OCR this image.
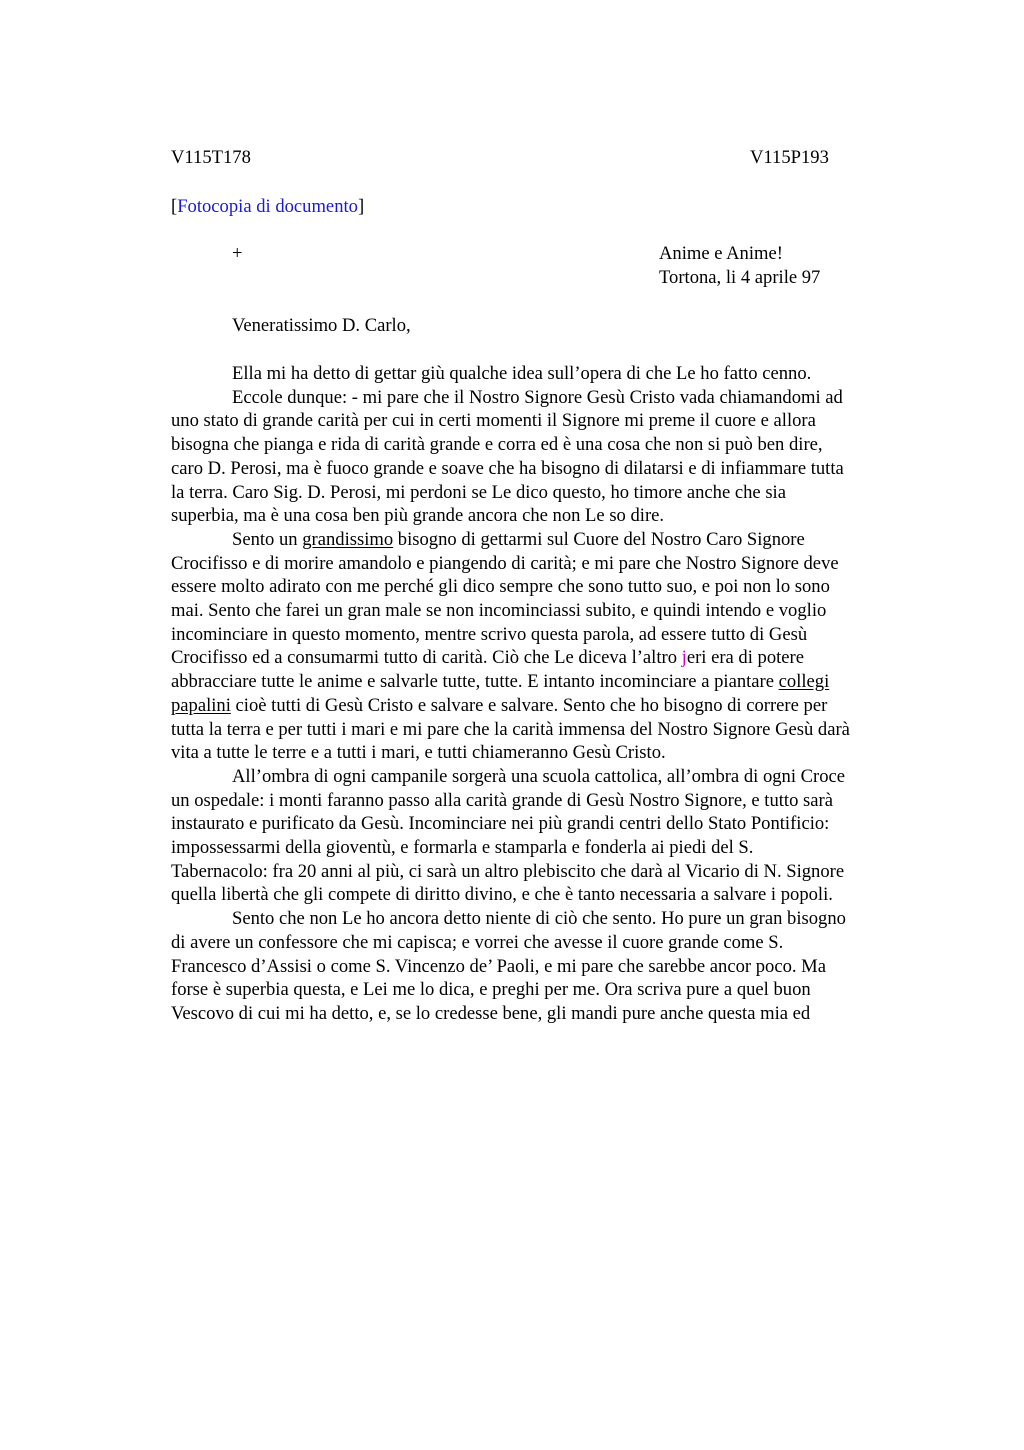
V115T178	V115P193
[Fotocopia di documento]
+	Anime e Anime!
Tortona, li 4 aprile 97
Veneratissimo D. Carlo,
Ella mi ha detto di gettar giù qualche idea sull’opera di che Le ho fatto cenno.
Eccole dunque: - mi pare che il Nostro Signore Gesù Cristo vada chiamandomi ad
uno stato di grande carità per cui in certi momenti il Signore mi preme il cuore e allora
bisogna che pianga e rida di carità grande e corra ed è una cosa che non si può ben dire,
caro D. Perosi, ma è fuoco grande e soave che ha bisogno di dilatarsi e di infiammare tutta
la terra. Caro Sig. D. Perosi, mi perdoni se Le dico questo, ho timore anche che sia
superbia, ma è una cosa ben più grande ancora che non Le so dire.
Sento un grandissimo bisogno di gettarmi sul Cuore del Nostro Caro Signore
Crocifisso e di morire amandolo e piangendo di carità; e mi pare che Nostro Signore deve
essere molto adirato con me perché gli dico sempre che sono tutto suo, e poi non lo sono
mai. Sento che farei un gran male se non incominciassi subito, e quindi intendo e voglio
incominciare in questo momento, mentre scrivo questa parola, ad essere tutto di Gesù
Crocifisso ed a consumarmi tutto di carità. Ciò che Le diceva l’altro jeri era di potere
abbracciare tutte le anime e salvarle tutte, tutte. E intanto incominciare a piantare collegi
papalini cioè tutti di Gesù Cristo e salvare e salvare. Sento che ho bisogno di correre per
tutta la terra e per tutti i mari e mi pare che la carità immensa del Nostro Signore Gesù darà
vita a tutte le terre e a tutti i mari, e tutti chiameranno Gesù Cristo.
All’ombra di ogni campanile sorgerà una scuola cattolica, all’ombra di ogni Croce
un ospedale: i monti faranno passo alla carità grande di Gesù Nostro Signore, e tutto sarà
instaurato e purificato da Gesù. Incominciare nei più grandi centri dello Stato Pontificio:
impossessarmi della gioventù, e formarla e stamparla e fonderla ai piedi del S.
Tabernacolo: fra 20 anni al più, ci sarà un altro plebiscito che darà al Vicario di N. Signore
quella libertà che gli compete di diritto divino, e che è tanto necessaria a salvare i popoli.
Sento che non Le ho ancora detto niente di ciò che sento. Ho pure un gran bisogno
di avere un confessore che mi capisca; e vorrei che avesse il cuore grande come S.
Francesco d’Assisi o come S. Vincenzo de’ Paoli, e mi pare che sarebbe ancor poco. Ma
forse è superbia questa, e Lei me lo dica, e preghi per me. Ora scriva pure a quel buon
Vescovo di cui mi ha detto, e, se lo credesse bene, gli mandi pure anche questa mia ed
